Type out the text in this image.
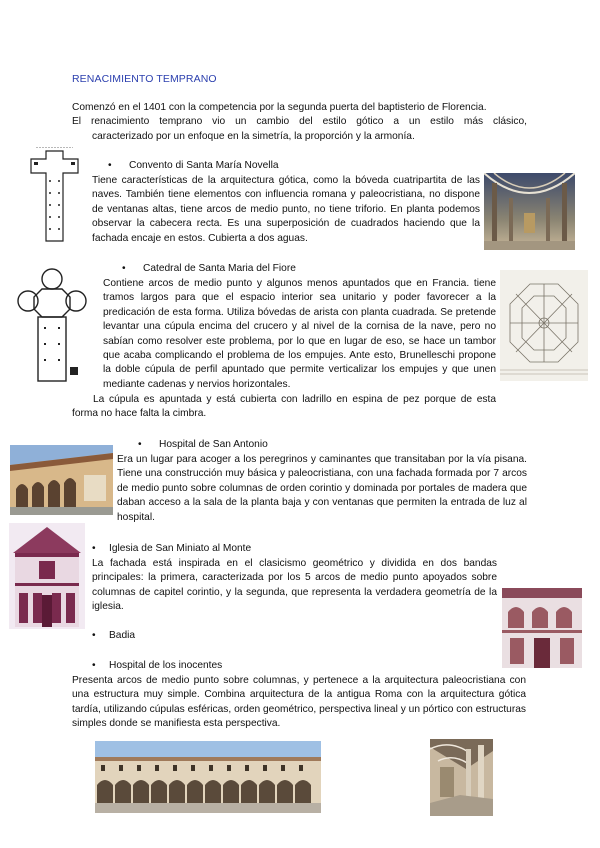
RENACIMIENTO TEMPRANO
Comenzó en el 1401 con la competencia por la segunda puerta del baptisterio de Florencia.
El renacimiento temprano vio un cambio del estilo gótico a un estilo más clásico,
caracterizado por un enfoque en la simetría, la proporción y la armonía.
• Convento di Santa María Novella
Tiene características de la arquitectura gótica, como la bóveda cuatripartita de las naves. También tiene elementos con influencia romana y paleocristiana, no dispone de ventanas altas, tiene arcos de medio punto, no tiene triforio. En planta podemos observar la cabecera recta. Es una superposición de cuadrados haciendo que la fachada encaje en estos. Cubierta a dos aguas.
• Catedral de Santa Maria del Fiore
Contiene arcos de medio punto y algunos menos apuntados que en Francia. tiene tramos largos para que el espacio interior sea unitario y poder favorecer a la predicación de esta forma. Utiliza bóvedas de arista con planta cuadrada. Se pretende levantar una cúpula encima del crucero y al nivel de la cornisa de la nave, pero no sabían como resolver este problema, por lo que en lugar de eso, se hace un tambor que acaba complicando el problema de los empujes. Ante esto, Brunelleschi propone la doble cúpula de perfil apuntado que permite verticalizar los empujes y que unen mediante cadenas y nervios horizontales.
La cúpula es apuntada y está cubierta con ladrillo en espina de pez porque de esta
forma no hace falta la cimbra.
• Hospital de San Antonio
Era un lugar para acoger a los peregrinos y caminantes que transitaban por la vía pisana. Tiene una construcción muy básica y paleocristiana, con una fachada formada por 7 arcos de medio punto sobre columnas de orden corintio y dominada por portales de madera que daban acceso a la sala de la planta baja y con ventanas que permiten la entrada de luz al hospital.
• Iglesia de San Miniato al Monte
La fachada está inspirada en el clasicismo geométrico y dividida en dos bandas principales: la primera, caracterizada por los 5 arcos de medio punto apoyados sobre columnas de capitel corintio, y la segunda, que representa la verdadera geometría de la iglesia.
• Badia
• Hospital de los inocentes
Presenta arcos de medio punto sobre columnas, y pertenece a la arquitectura paleocristiana con una estructura muy simple. Combina arquitectura de la antigua Roma con la arquitectura gótica tardía, utilizando cúpulas esféricas, orden geométrico, perspectiva lineal y un pórtico con estructuras simples donde se manifiesta esta perspectiva.
